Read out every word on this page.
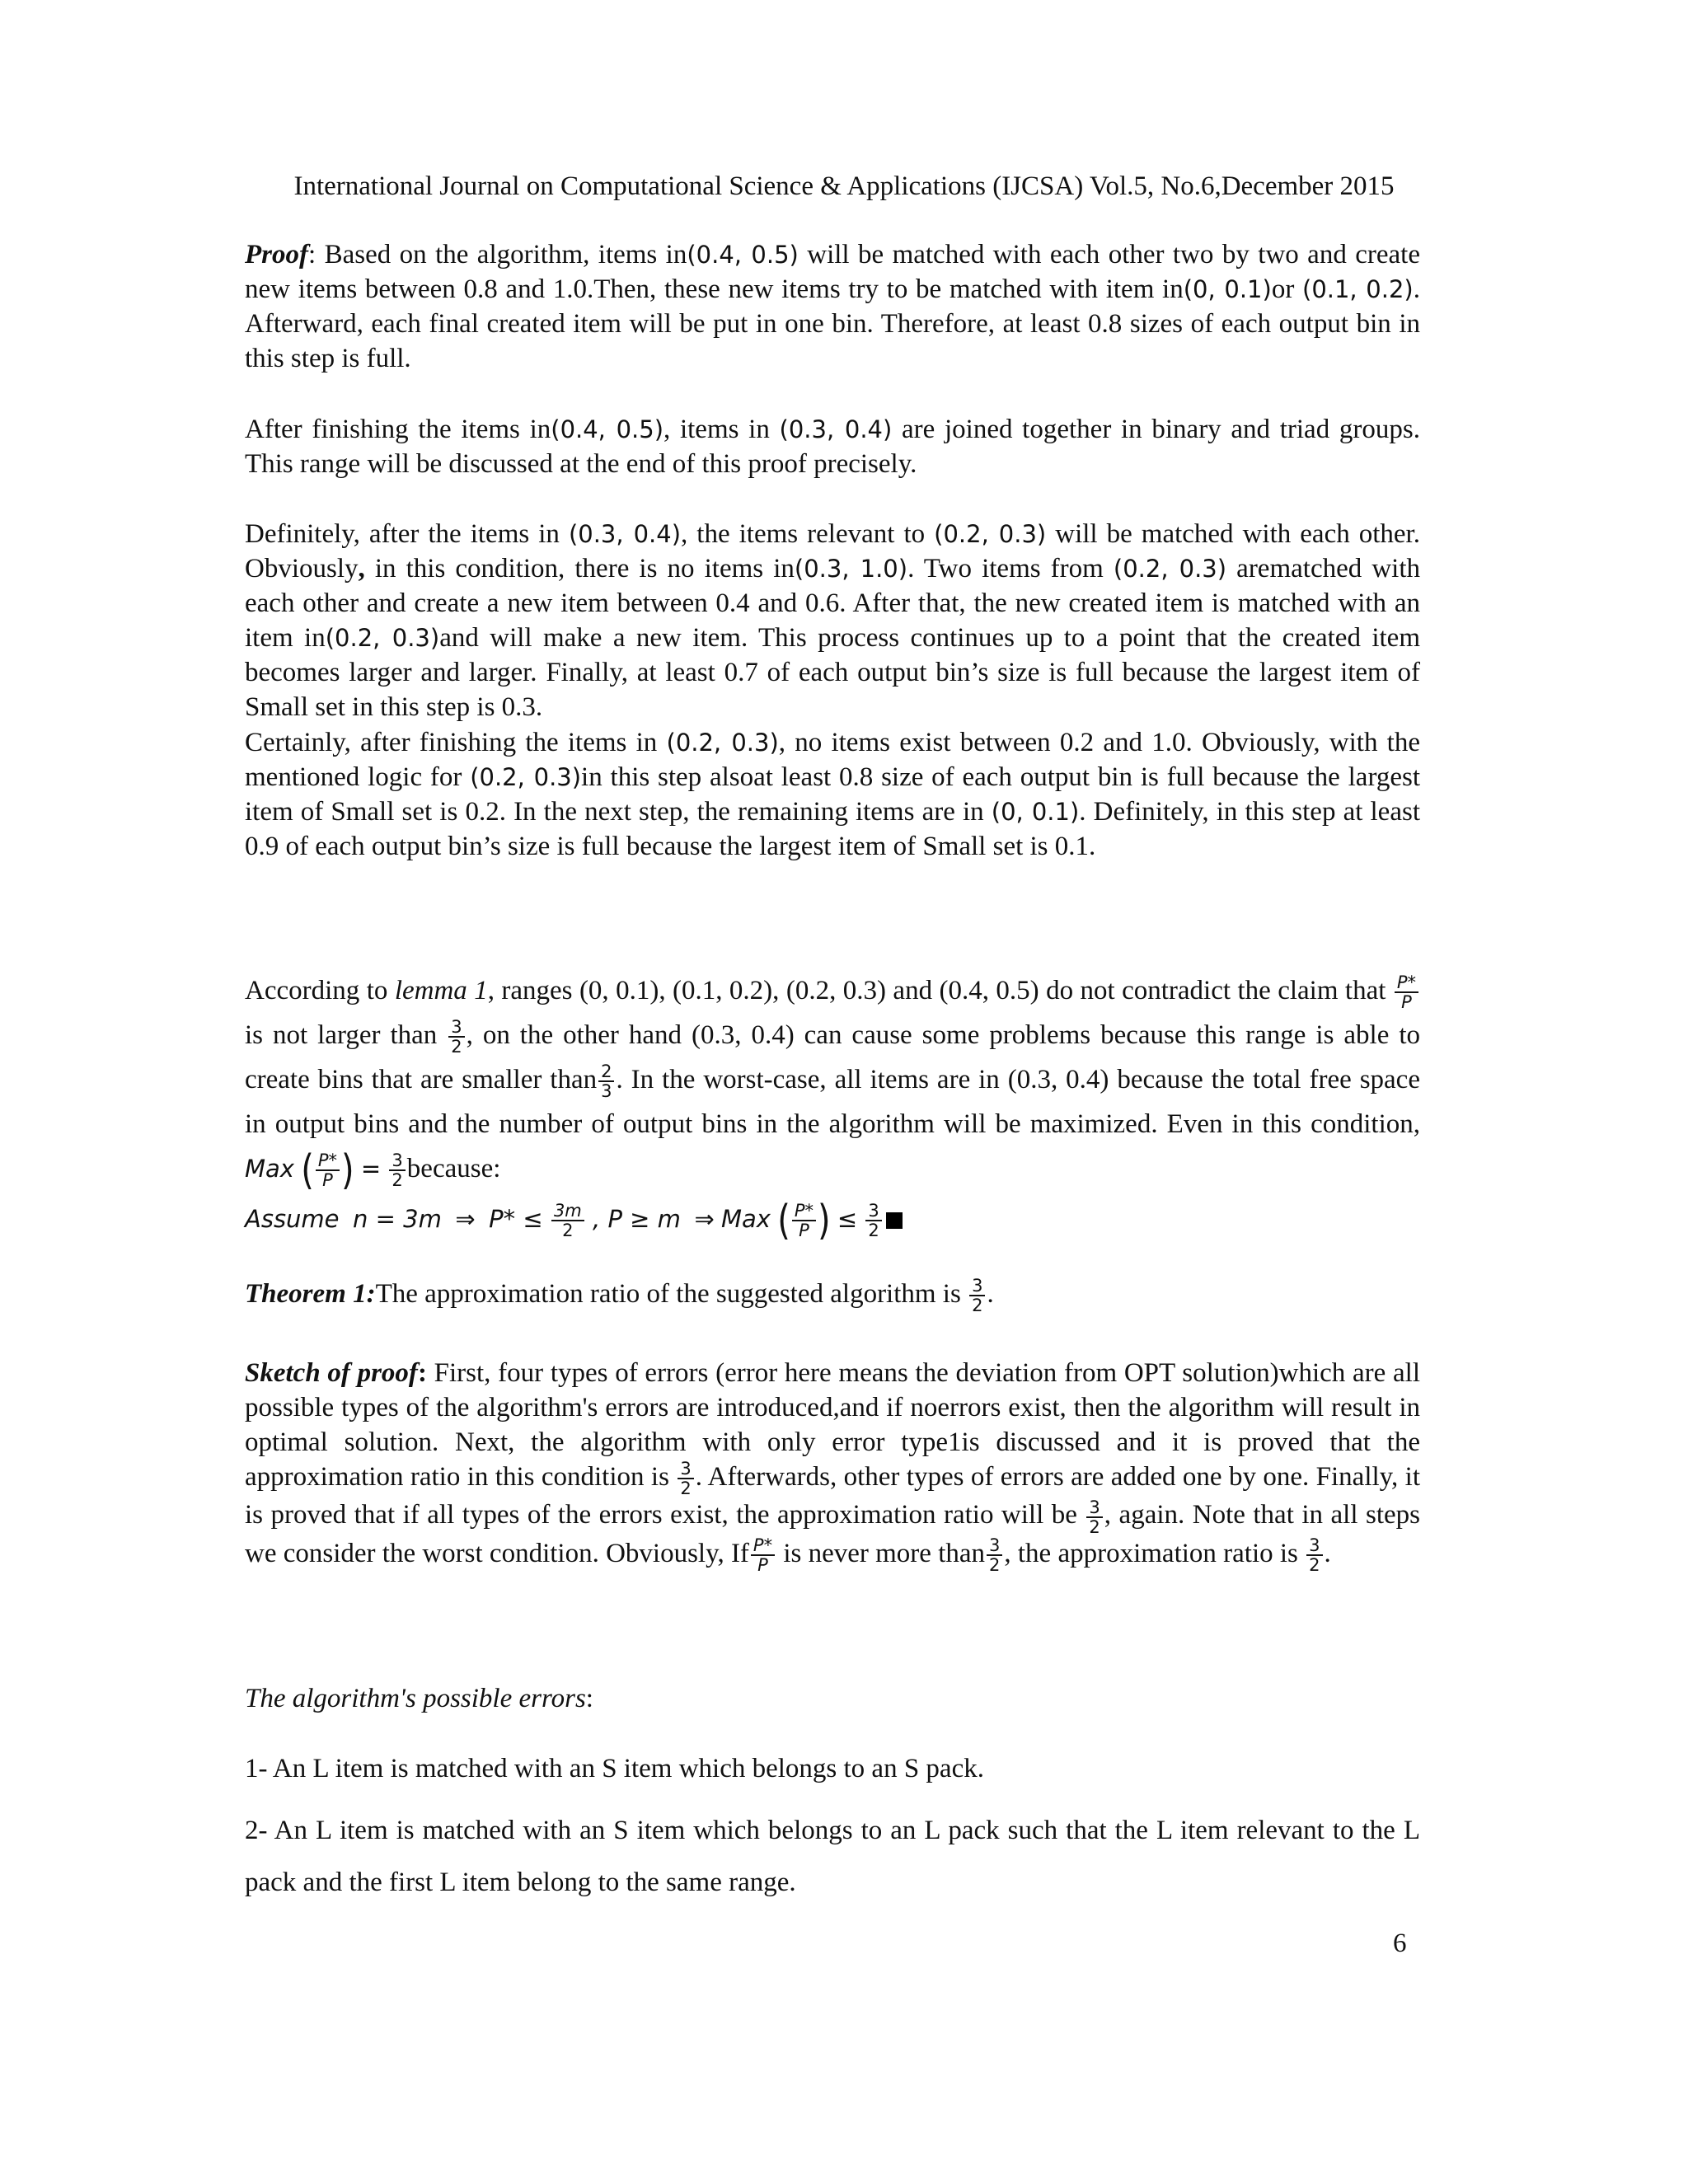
International Journal on Computational Science & Applications (IJCSA) Vol.5, No.6,December 2015
Proof: Based on the algorithm, items in(0.4, 0.5) will be matched with each other two by two and create new items between 0.8 and 1.0.Then, these new items try to be matched with item in(0, 0.1)or (0.1, 0.2). Afterward, each final created item will be put in one bin. Therefore, at least 0.8 sizes of each output bin in this step is full.
After finishing the items in(0.4, 0.5), items in (0.3, 0.4) are joined together in binary and triad groups. This range will be discussed at the end of this proof precisely.
Definitely, after the items in (0.3, 0.4), the items relevant to (0.2, 0.3) will be matched with each other. Obviously, in this condition, there is no items in(0.3, 1.0). Two items from (0.2, 0.3) arematched with each other and create a new item between 0.4 and 0.6. After that, the new created item is matched with an item in(0.2, 0.3)and will make a new item. This process continues up to a point that the created item becomes larger and larger. Finally, at least 0.7 of each output bin’s size is full because the largest item of Small set in this step is 0.3.
Certainly, after finishing the items in (0.2, 0.3), no items exist between 0.2 and 1.0. Obviously, with the mentioned logic for (0.2, 0.3)in this step alsoat least 0.8 size of each output bin is full because the largest item of Small set is 0.2. In the next step, the remaining items are in (0, 0.1). Definitely, in this step at least 0.9 of each output bin’s size is full because the largest item of Small set is 0.1.
According to lemma 1, ranges (0, 0.1), (0.1, 0.2), (0.2, 0.3) and (0.4, 0.5) do not contradict the claim that $\frac{P*}{P}$
is not larger than $\frac{3}{2}$ , on the other hand (0.3, 0.4) can cause some problems because this range is able to create bins that are smaller than $\frac{2}{3}$ . In the worst-case, all items are in (0.3, 0.4) because the total free space in output bins and the number of output bins in the algorithm will be maximized. Even in this condition, Max ( $\frac{P*}{P}$ ) = $\frac{3}{2}$ because:
Assume n = 3m ⇒ $P* \le \frac{3m}{2}$ , P ≥ m ⇒ Max ( $\frac{P*}{P}$ ) ≤ $\frac{3}{2}$
Theorem 1:The approximation ratio of the suggested algorithm is $\frac{3}{2}$ .
Sketch of proof: First, four types of errors (error here means the deviation from OPT solution)which are all possible types of the algorithm's errors are introduced,and if noerrors exist, then the algorithm will result in optimal solution. Next, the algorithm with only error type1is discussed and it is proved that the approximation ratio in this condition is $\frac{3}{2}$ . Afterwards, other types of errors are added one by one. Finally, it is proved that if all types of the errors exist, the approximation ratio will be $\frac{3}{2}$ , again. Note that in all steps we consider the worst condition. Obviously, If $\frac{P*}{P}$ is never more than $\frac{3}{2}$ , the approximation ratio is $\frac{3}{2}$ .
The algorithm's possible errors:
1- An L item is matched with an S item which belongs to an S pack.
2- An L item is matched with an S item which belongs to an L pack such that the L item relevant to the L pack and the first L item belong to the same range.
6
